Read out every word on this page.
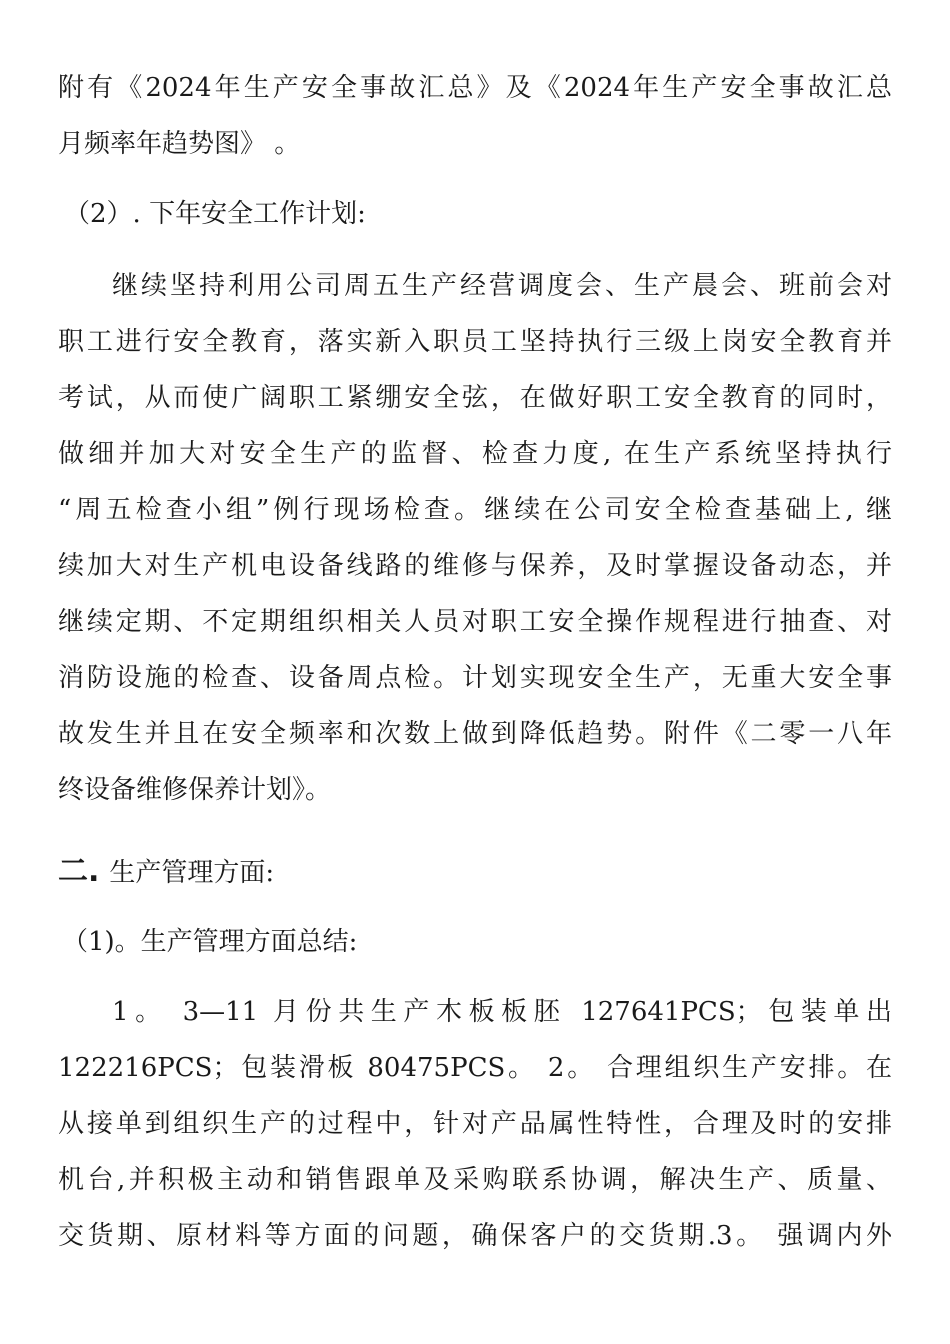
附有《2024年生产安全事故汇总》及《2024年生产安全事故汇总
月频率年趋势图》 。
（2）. 下年安全工作计划:
继续坚持利用公司周五生产经营调度会、生产晨会、班前会对
职工进行安全教育，落实新入职员工坚持执行三级上岗安全教育并
考试，从而使广阔职工紧绷安全弦，在做好职工安全教育的同时，
做细并加大对安全生产的监督、检查力度, 在生产系统坚持执行
“周五检查小组”例行现场检查。继续在公司安全检查基础上, 继
续加大对生产机电设备线路的维修与保养，及时掌握设备动态，并
继续定期、不定期组织相关人员对职工安全操作规程进行抽查、对
消防设施的检查、设备周点检。计划实现安全生产，无重大安全事
故发生并且在安全频率和次数上做到降低趋势。附件《二零一八年
终设备维修保养计划》。
二. 生产管理方面:
（1)。生产管理方面总结:
1。 3—11 月份共生产木板板胚 127641PCS；包装单出
122216PCS；包装滑板 80475PCS。 2。 合理组织生产安排。在
从接单到组织生产的过程中，针对产品属性特性，合理及时的安排
机台,并积极主动和销售跟单及采购联系协调，解决生产、质量、
交货期、原材料等方面的问题，确保客户的交货期.3。 强调内外
